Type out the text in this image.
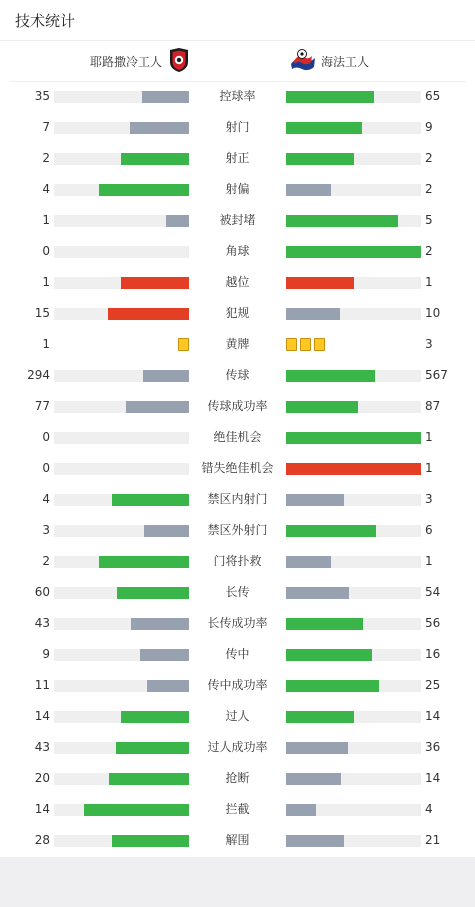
技术统计
耶路撒冷工人	海法工人
35	控球率	65
7	射门	9
2	射正	2
4	射偏	2
1	被封堵	5
0	角球	2
1	越位	1
15	犯规	10
1	黄牌	3
294	传球	567
77	传球成功率	87
0	绝佳机会	1
0	错失绝佳机会	1
4	禁区内射门	3
3	禁区外射门	6
2	门将扑救	1
60	长传	54
43	长传成功率	56
9	传中	16
11	传中成功率	25
14	过人	14
43	过人成功率	36
20	抢断	14
14	拦截	4
28	解围	21
